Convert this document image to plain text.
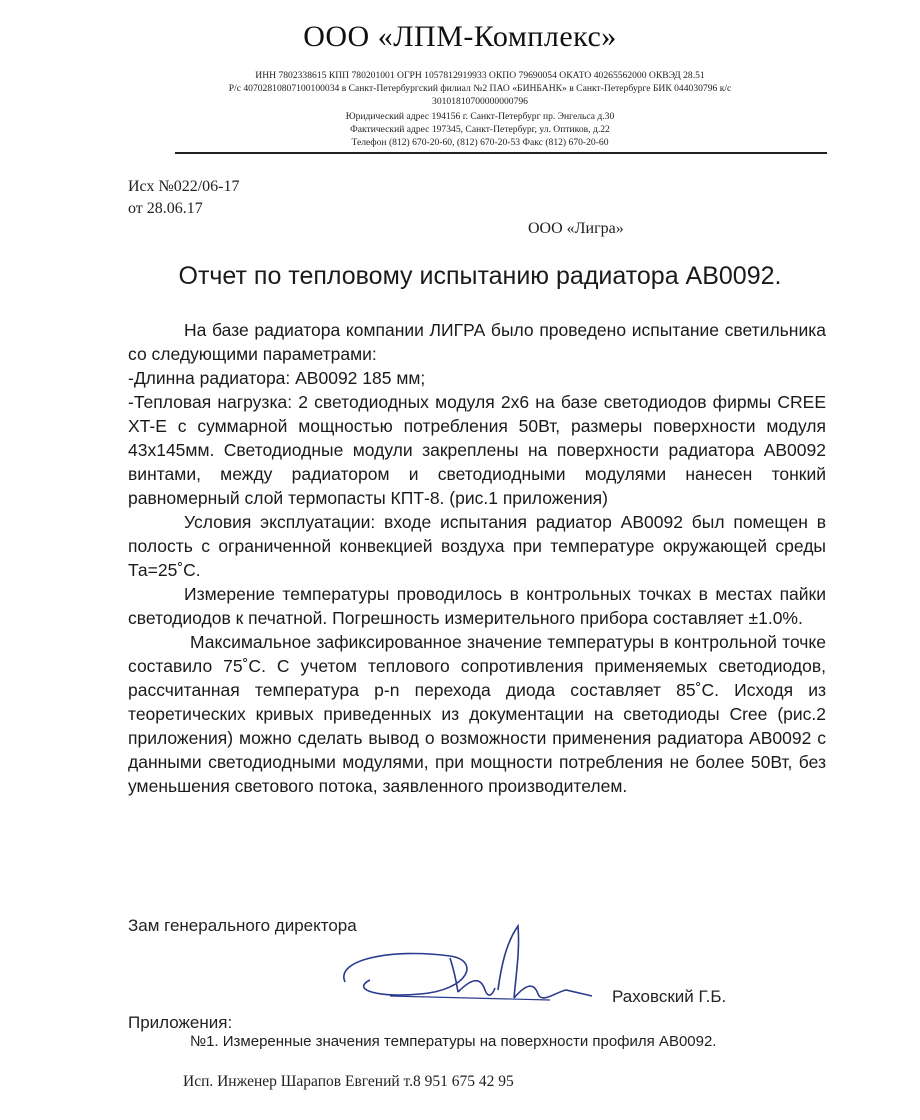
ООО «ЛПМ-Комплекс»
ИНН 7802338615 КПП 780201001 ОГРН 1057812919933 ОКПО 79690054 ОКАТО 40265562000 ОКВЭД 28.51
Р/с 40702810807100100034 в Санкт-Петербургский филиал №2 ПАО «БИНБАНК» в Санкт-Петербурге БИК 044030796 к/с
30101810700000000796
Юридический адрес 194156 г. Санкт-Петербург пр. Энгельса д.30
Фактический адрес 197345, Санкт-Петербург, ул. Оптиков, д.22
Телефон (812) 670-20-60, (812) 670-20-53 Факс (812) 670-20-60
Исх №022/06-17
от 28.06.17
ООО «Лигра»
Отчет по тепловому испытанию радиатора АВ0092.

На базе радиатора компании ЛИГРА было проведено испытание светильника со следующими параметрами:

-Длинна радиатора: АВ0092 185 мм;

-Тепловая нагрузка: 2 светодиодных модуля 2х6 на базе светодиодов фирмы CREE XT-E с суммарной мощностью потребления 50Вт, размеры поверхности модуля 43х145мм. Светодиодные модули закреплены на поверхности радиатора АВ0092 винтами, между радиатором и светодиодными модулями нанесен тонкий равномерный слой термопасты КПТ-8. (рис.1 приложения)

Условия эксплуатации: входе испытания радиатор АВ0092 был помещен в полость с ограниченной конвекцией воздуха при температуре окружающей среды Та=25˚С.

Измерение температуры проводилось в контрольных точках в местах пайки светодиодов к печатной. Погрешность измерительного прибора составляет ±1.0%.

Максимальное зафиксированное значение температуры в контрольной точке составило 75˚С. С учетом теплового сопротивления применяемых светодиодов, рассчитанная температура p-n перехода диода составляет 85˚С. Исходя из теоретических кривых приведенных из документации на светодиоды Cree (рис.2 приложения) можно сделать вывод о возможности применения радиатора АВ0092 с данными светодиодными модулями, при мощности потребления не более 50Вт, без уменьшения светового потока, заявленного производителем.

Зам генерального директора
Раховский Г.Б.
Приложения:
№1. Измеренные значения температуры на поверхности профиля АВ0092.
Исп. Инженер Шарапов Евгений т.8 951 675 42 95
